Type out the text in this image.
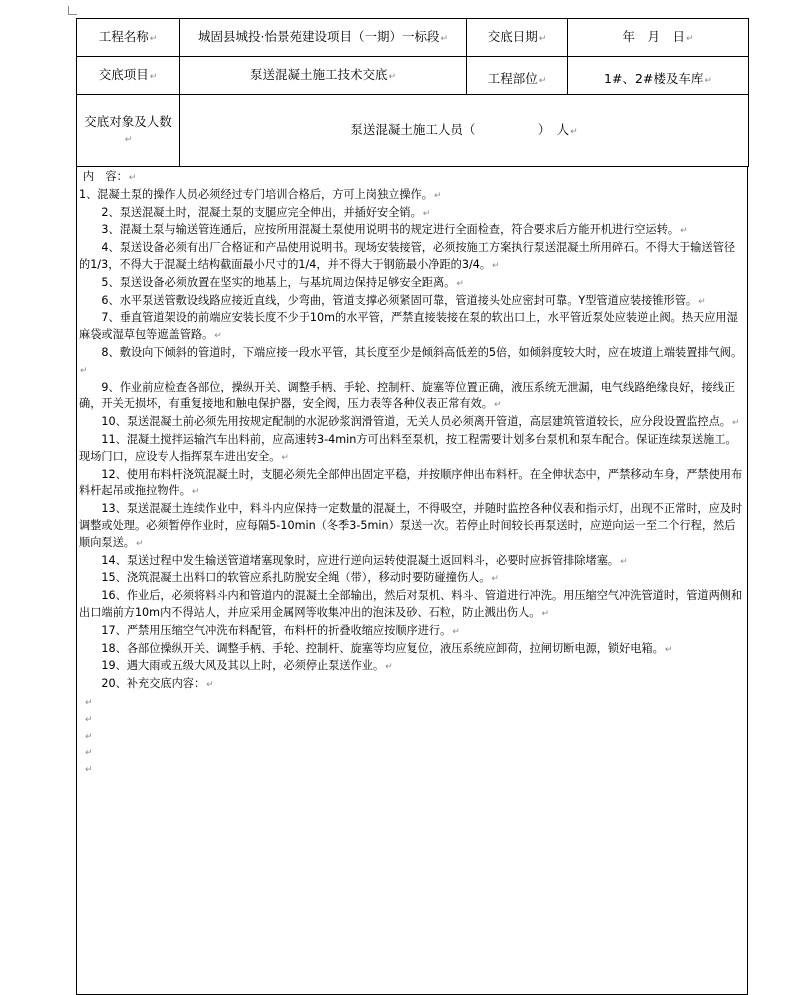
工程名称↵	城固县城投·怡景苑建设项目（一期）一标段↵	交底日期↵	年　月　日↵
交底项目↵	泵送混凝土施工技术交底↵	工程部位↵	1#、2#楼及车库↵
交底对象及人数↵	泵送混凝土施工人员（　　　　　）　人↵		

内　容：↵

1、混凝土泵的操作人员必须经过专门培训合格后，方可上岗独立操作。↵

2、泵送混凝土时，混凝土泵的支腿应完全伸出，并插好安全销。↵

3、混凝土泵与输送管连通后，应按所用混凝土泵使用说明书的规定进行全面检查，符合要求后方能开机进行空运转。↵

4、泵送设备必须有出厂合格证和产品使用说明书。现场安装接管，必须按施工方案执行泵送混凝土所用碎石。不得大于输送管径的1/3，不得大于混凝土结构截面最小尺寸的1/4，并不得大于钢筋最小净距的3/4。↵

5、泵送设备必须放置在坚实的地基上，与基坑周边保持足够安全距离。↵

6、水平泵送管敷设线路应接近直线，少弯曲，管道支撑必须紧固可靠，管道接头处应密封可靠。Y型管道应装接锥形管。↵

7、垂直管道架设的前端应安装长度不少于10m的水平管，严禁直接装接在泵的软出口上，水平管近泵处应装逆止阀。热天应用湿麻袋或湿草包等遮盖管路。↵

8、敷设向下倾斜的管道时，下端应接一段水平管，其长度至少是倾斜高低差的5倍，如倾斜度较大时，应在坡道上端装置排气阀。↵

9、作业前应检查各部位，操纵开关、调整手柄、手轮、控制杆、旋塞等位置正确，液压系统无泄漏，电气线路绝缘良好，接线正确，开关无损坏，有重复接地和触电保护器，安全阀，压力表等各种仪表正常有效。↵

10、泵送混凝土前必须先用按规定配制的水泥砂浆润滑管道，无关人员必须离开管道，高层建筑管道较长，应分段设置监控点。↵

11、混凝土搅拌运输汽车出料前，应高速转3-4min方可出料至泵机，按工程需要计划多台泵机和泵车配合。保证连续泵送施工。现场门口，应设专人指挥泵车进出安全。↵

12、使用布料杆浇筑混凝土时，支腿必须先全部伸出固定平稳，并按顺序伸出布料杆。在全伸状态中，严禁移动车身，严禁使用布料杆起吊或拖拉物件。↵

13、泵送混凝土连续作业中，料斗内应保持一定数量的混凝土，不得吸空，并随时监控各种仪表和指示灯，出现不正常时，应及时调整或处理。必须暂停作业时，应每隔5-10min（冬季3-5min）泵送一次。若停止时间较长再泵送时，应逆向运一至二个行程，然后顺向泵送。↵

14、泵送过程中发生输送管道堵塞现象时，应进行逆向运转使混凝土返回料斗，必要时应拆管排除堵塞。↵

15、浇筑混凝土出料口的软管应系扎防脱安全绳（带），移动时要防碰撞伤人。↵

16、作业后，必须将料斗内和管道内的混凝土全部输出，然后对泵机、料斗、管道进行冲洗。用压缩空气冲洗管道时，管道两侧和出口端前方10m内不得站人，并应采用金属网等收集冲出的泡沫及砂、石粒，防止溅出伤人。↵

17、严禁用压缩空气冲洗布料配管，布料杆的折叠收缩应按顺序进行。↵

18、各部位操纵开关、调整手柄、手轮、控制杆、旋塞等均应复位，液压系统应卸荷，拉闸切断电源，锁好电箱。↵

19、遇大雨或五级大风及其以上时，必须停止泵送作业。↵

20、补充交底内容：↵

↵
↵
↵
↵
↵
